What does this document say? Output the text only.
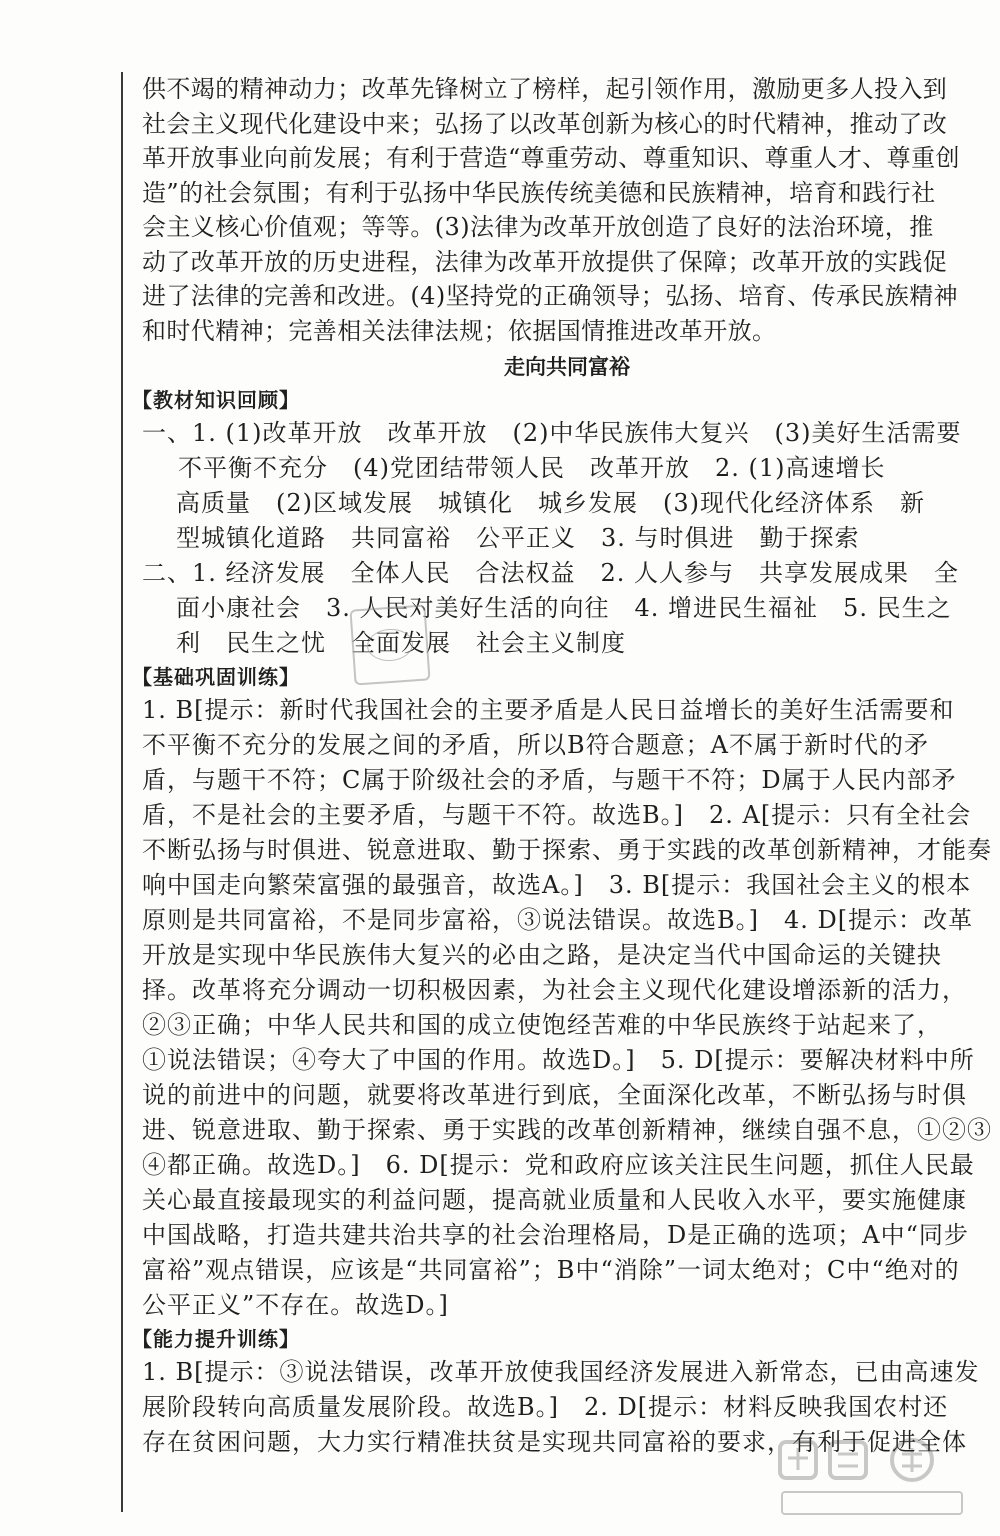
供不竭的精神动力；改革先锋树立了榜样，起引领作用，激励更多人投入到

社会主义现代化建设中来；弘扬了以改革创新为核心的时代精神，推动了改

革开放事业向前发展；有利于营造“尊重劳动、尊重知识、尊重人才、尊重创

造”的社会氛围；有利于弘扬中华民族传统美德和民族精神，培育和践行社

会主义核心价值观；等等。(3)法律为改革开放创造了良好的法治环境，推

动了改革开放的历史进程，法律为改革开放提供了保障；改革开放的实践促

进了法律的完善和改进。(4)坚持党的正确领导；弘扬、培育、传承民族精神

和时代精神；完善相关法律法规；依据国情推进改革开放。

走向共同富裕
【教材知识回顾】

一、1. (1)改革开放　改革开放　(2)中华民族伟大复兴　(3)美好生活需要

不平衡不充分　(4)党团结带领人民　改革开放　2. (1)高速增长

高质量　(2)区域发展　城镇化　城乡发展　(3)现代化经济体系　新

型城镇化道路　共同富裕　公平正义　3. 与时俱进　勤于探索

二、1. 经济发展　全体人民　合法权益　2. 人人参与　共享发展成果　全

面小康社会　3. 人民对美好生活的向往　4. 增进民生福祉　5. 民生之

利　民生之忧　全面发展　社会主义制度

【基础巩固训练】

1. B[提示：新时代我国社会的主要矛盾是人民日益增长的美好生活需要和

不平衡不充分的发展之间的矛盾，所以B符合题意；A不属于新时代的矛

盾，与题干不符；C属于阶级社会的矛盾，与题干不符；D属于人民内部矛

盾，不是社会的主要矛盾，与题干不符。故选B。]　2. A[提示：只有全社会

不断弘扬与时俱进、锐意进取、勤于探索、勇于实践的改革创新精神，才能奏

响中国走向繁荣富强的最强音，故选A。]　3. B[提示：我国社会主义的根本

原则是共同富裕，不是同步富裕，③说法错误。故选B。]　4. D[提示：改革

开放是实现中华民族伟大复兴的必由之路，是决定当代中国命运的关键抉

择。改革将充分调动一切积极因素，为社会主义现代化建设增添新的活力，

②③正确；中华人民共和国的成立使饱经苦难的中华民族终于站起来了，

①说法错误；④夸大了中国的作用。故选D。]　5. D[提示：要解决材料中所

说的前进中的问题，就要将改革进行到底，全面深化改革，不断弘扬与时俱

进、锐意进取、勤于探索、勇于实践的改革创新精神，继续自强不息，①②③

④都正确。故选D。]　6. D[提示：党和政府应该关注民生问题，抓住人民最

关心最直接最现实的利益问题，提高就业质量和人民收入水平，要实施健康

中国战略，打造共建共治共享的社会治理格局，D是正确的选项；A中“同步

富裕”观点错误，应该是“共同富裕”；B中“消除”一词太绝对；C中“绝对的

公平正义”不存在。故选D。]

【能力提升训练】

1. B[提示：③说法错误，改革开放使我国经济发展进入新常态，已由高速发

展阶段转向高质量发展阶段。故选B。]　2. D[提示：材料反映我国农村还

存在贫困问题，大力实行精准扶贫是实现共同富裕的要求，有利于促进全体
